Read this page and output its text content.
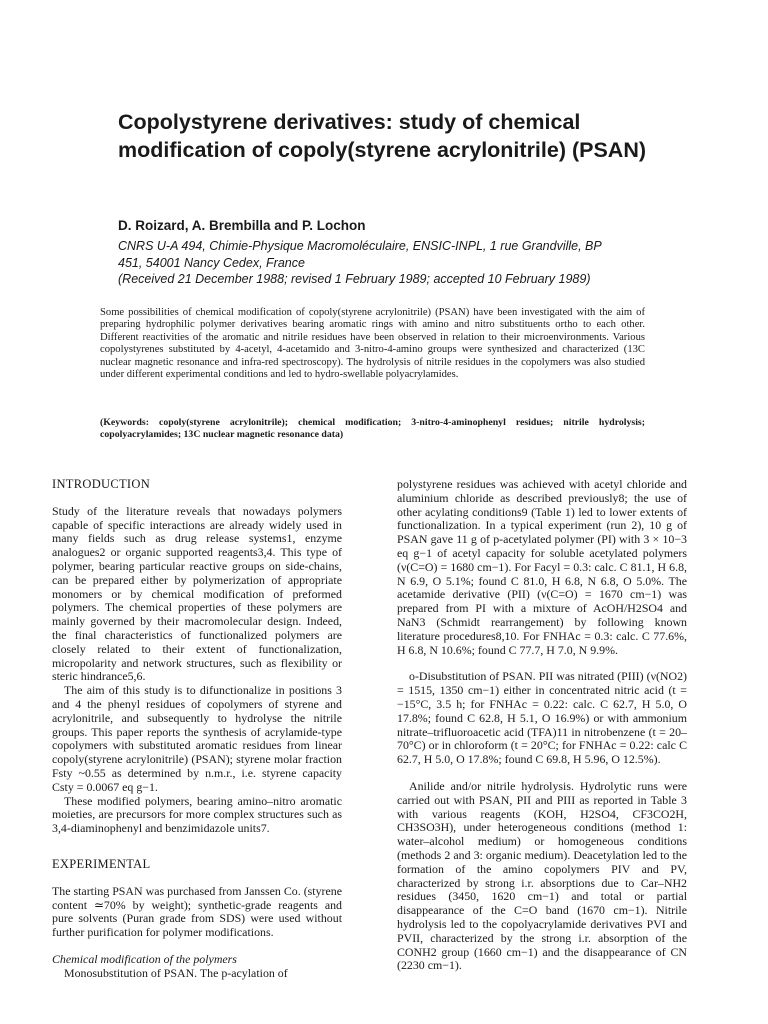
Copolystyrene derivatives: study of chemical modification of copoly(styrene acrylonitrile) (PSAN)

D. Roizard, A. Brembilla and P. Lochon

CNRS U-A 494, Chimie-Physique Macromoléculaire, ENSIC-INPL, 1 rue Grandville, BP
451, 54001 Nancy Cedex, France
(Received 21 December 1988; revised 1 February 1989; accepted 10 February 1989)

Some possibilities of chemical modification of copoly(styrene acrylonitrile) (PSAN) have been investigated with the aim of preparing hydrophilic polymer derivatives bearing aromatic rings with amino and nitro substituents ortho to each other. Different reactivities of the aromatic and nitrile residues have been observed in relation to their microenvironments. Various copolystyrenes substituted by 4-acetyl, 4-acetamido and 3-nitro-4-amino groups were synthesized and characterized (13C nuclear magnetic resonance and infra-red spectroscopy). The hydrolysis of nitrile residues in the copolymers was also studied under different experimental conditions and led to hydro-swellable polyacrylamides.

(Keywords: copoly(styrene acrylonitrile); chemical modification; 3-nitro-4-aminophenyl residues; nitrile hydrolysis; copolyacrylamides; 13C nuclear magnetic resonance data)

INTRODUCTION

Study of the literature reveals that nowadays polymers capable of specific interactions are already widely used in many fields such as drug release systems1, enzyme analogues2 or organic supported reagents3,4. This type of polymer, bearing particular reactive groups on side-chains, can be prepared either by polymerization of appropriate monomers or by chemical modification of preformed polymers. The chemical properties of these polymers are mainly governed by their macromolecular design. Indeed, the final characteristics of functionalized polymers are closely related to their extent of functionalization, micropolarity and network structures, such as flexibility or steric hindrance5,6.

The aim of this study is to difunctionalize in positions 3 and 4 the phenyl residues of copolymers of styrene and acrylonitrile, and subsequently to hydrolyse the nitrile groups. This paper reports the synthesis of acrylamide-type copolymers with substituted aromatic residues from linear copoly(styrene acrylonitrile) (PSAN); styrene molar fraction Fsty ~0.55 as determined by n.m.r., i.e. styrene capacity Csty = 0.0067 eq g−1.

These modified polymers, bearing amino–nitro aromatic moieties, are precursors for more complex structures such as 3,4-diaminophenyl and benzimidazole units7.

EXPERIMENTAL

The starting PSAN was purchased from Janssen Co. (styrene content ≃70% by weight); synthetic-grade reagents and pure solvents (Puran grade from SDS) were used without further purification for polymer modifications.

Chemical modification of the polymers

Monosubstitution of PSAN. The p-acylation of

polystyrene residues was achieved with acetyl chloride and aluminium chloride as described previously8; the use of other acylating conditions9 (Table 1) led to lower extents of functionalization. In a typical experiment (run 2), 10 g of PSAN gave 11 g of p-acetylated polymer (PI) with 3 × 10−3 eq g−1 of acetyl capacity for soluble acetylated polymers (ν(C=O) = 1680 cm−1). For Facyl = 0.3: calc. C 81.1, H 6.8, N 6.9, O 5.1%; found C 81.0, H 6.8, N 6.8, O 5.0%. The acetamide derivative (PII) (ν(C=O) = 1670 cm−1) was prepared from PI with a mixture of AcOH/H2SO4 and NaN3 (Schmidt rearrangement) by following known literature procedures8,10. For FNHAc = 0.3: calc. C 77.6%, H 6.8, N 10.6%; found C 77.7, H 7.0, N 9.9%.

o-Disubstitution of PSAN. PII was nitrated (PIII) (ν(NO2) = 1515, 1350 cm−1) either in concentrated nitric acid (t = −15°C, 3.5 h; for FNHAc = 0.22: calc. C 62.7, H 5.0, O 17.8%; found C 62.8, H 5.1, O 16.9%) or with ammonium nitrate–trifluoroacetic acid (TFA)11 in nitrobenzene (t = 20–70°C) or in chloroform (t = 20°C; for FNHAc = 0.22: calc C 62.7, H 5.0, O 17.8%; found C 69.8, H 5.96, O 12.5%).

Anilide and/or nitrile hydrolysis. Hydrolytic runs were carried out with PSAN, PII and PIII as reported in Table 3 with various reagents (KOH, H2SO4, CF3CO2H, CH3SO3H), under heterogeneous conditions (method 1: water–alcohol medium) or homogeneous conditions (methods 2 and 3: organic medium). Deacetylation led to the formation of the amino copolymers PIV and PV, characterized by strong i.r. absorptions due to Car–NH2 residues (3450, 1620 cm−1) and total or partial disappearance of the C=O band (1670 cm−1). Nitrile hydrolysis led to the copolyacrylamide derivatives PVI and PVII, characterized by the strong i.r. absorption of the CONH2 group (1660 cm−1) and the disappearance of CN (2230 cm−1).
